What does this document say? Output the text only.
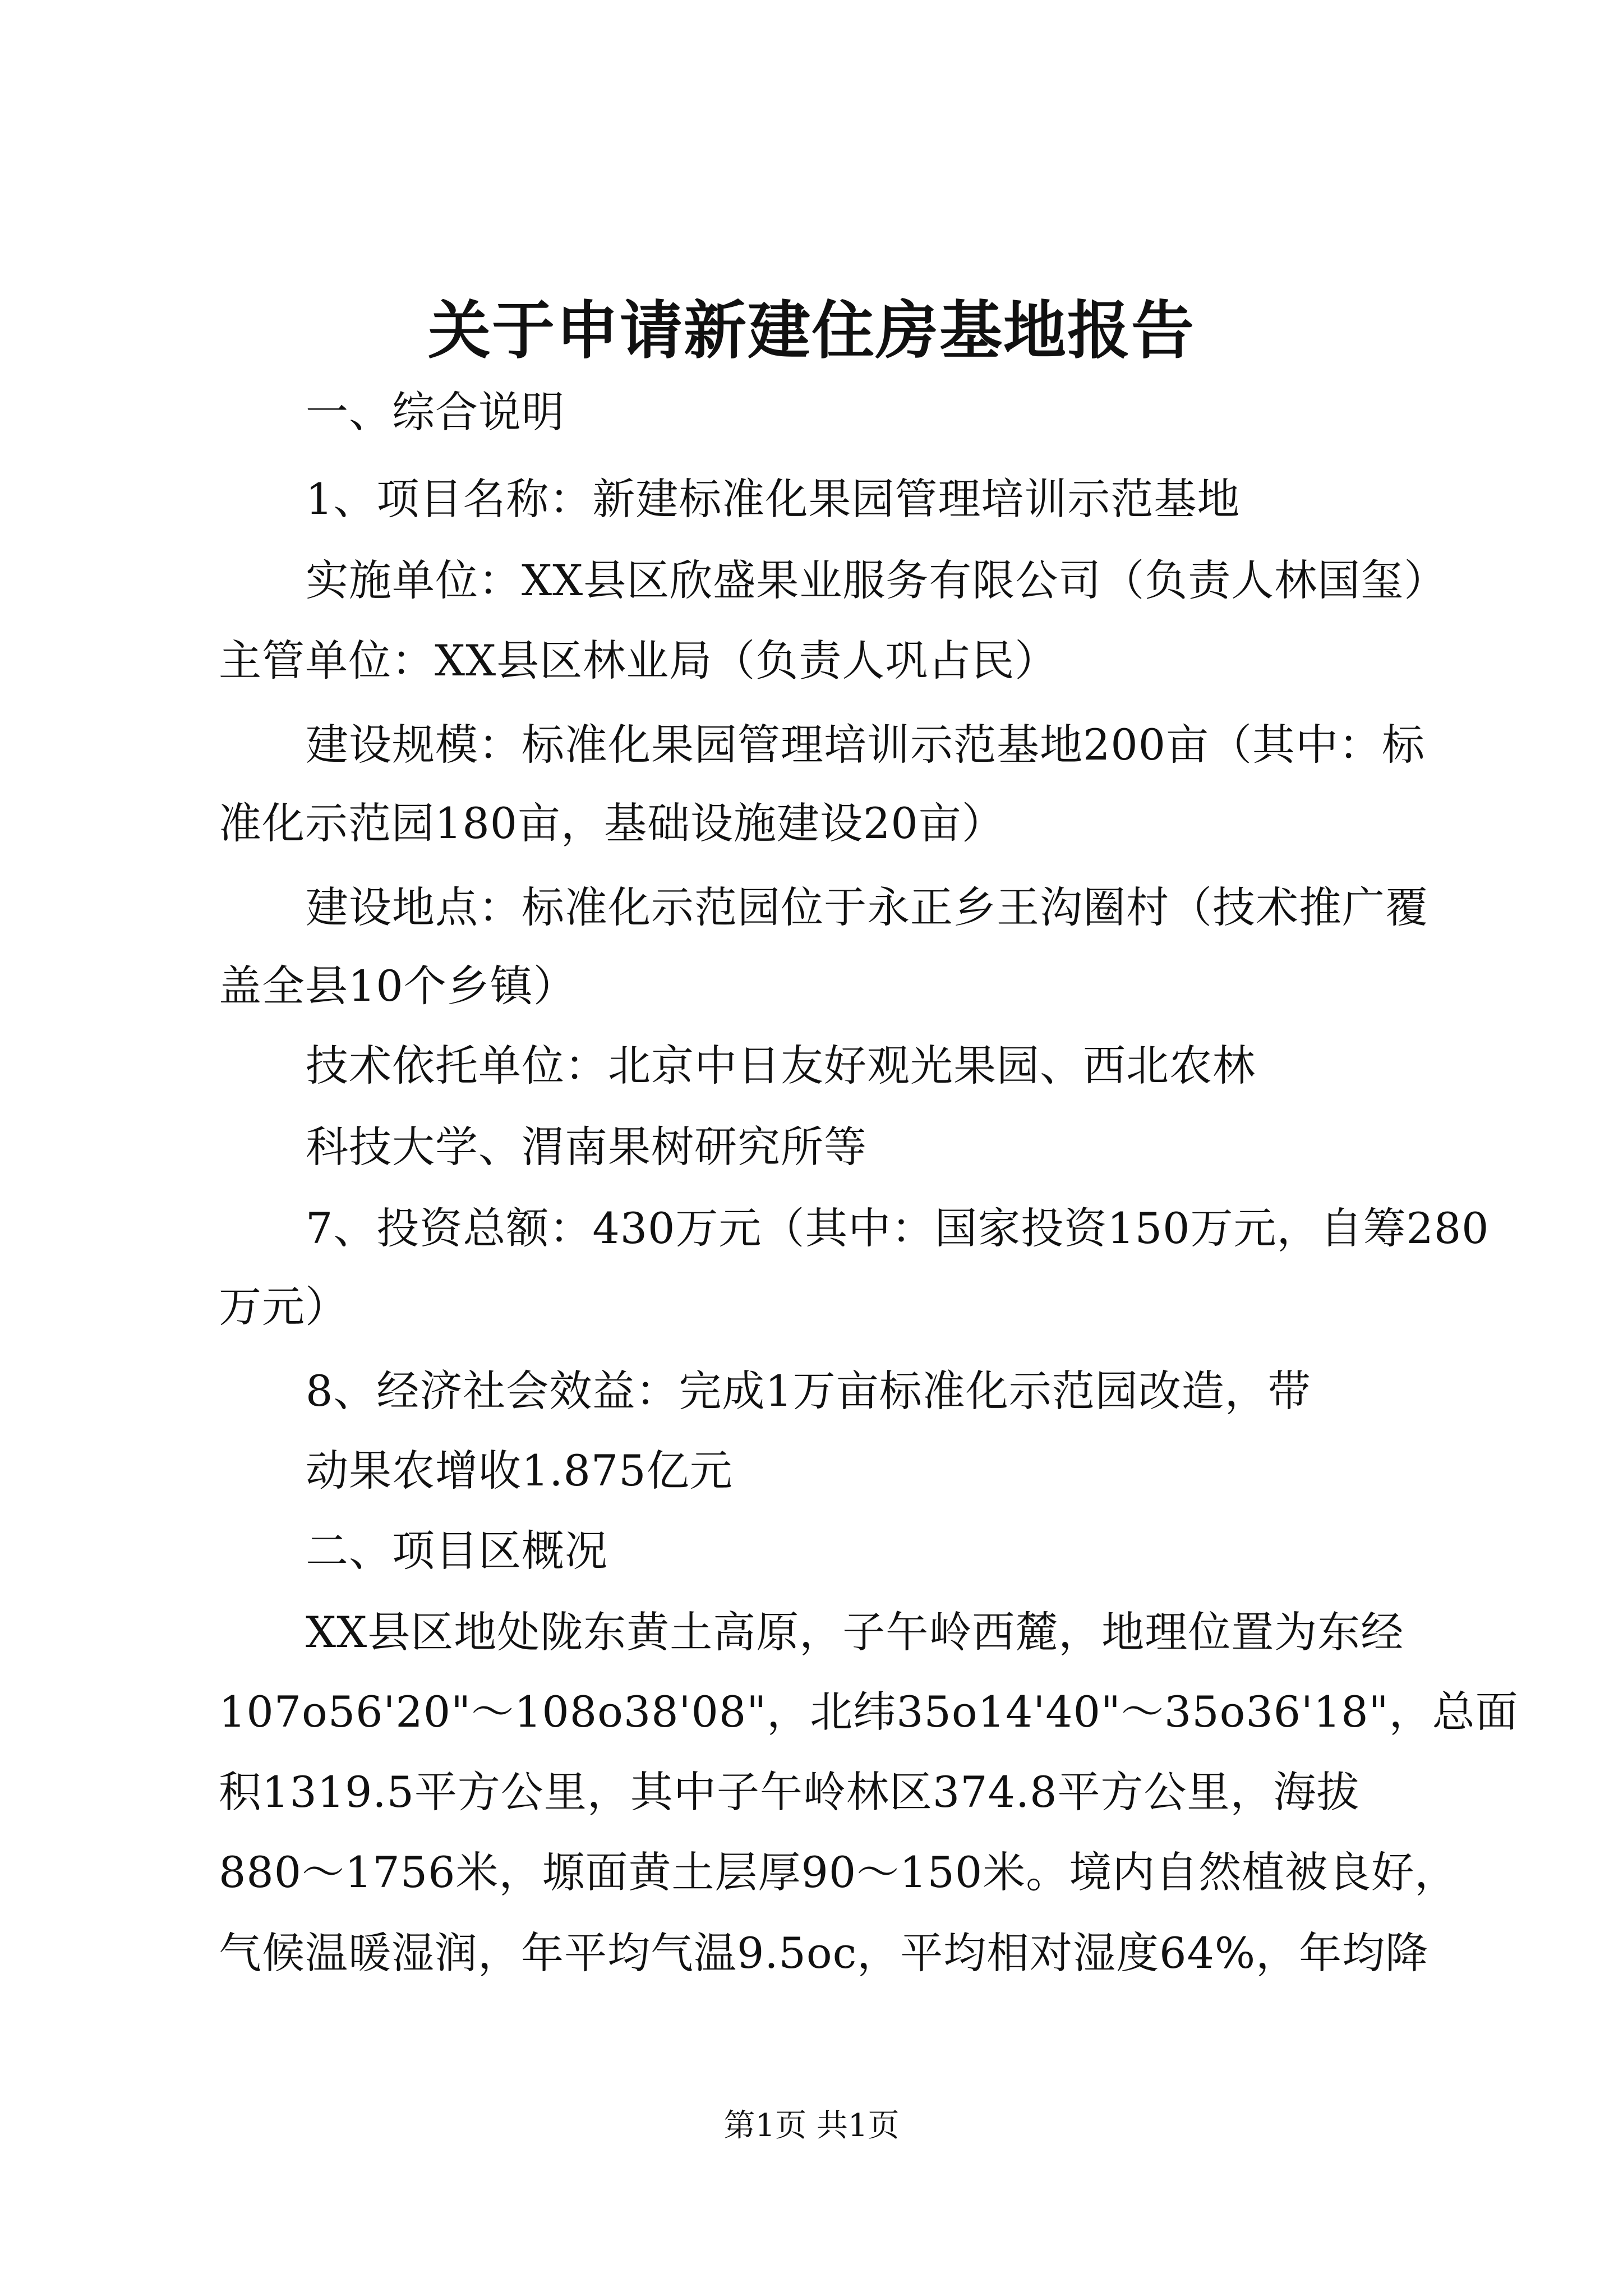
关于申请新建住房基地报告
一、综合说明
1、项目名称：新建标准化果园管理培训示范基地
实施单位：XX县区欣盛果业服务有限公司（负责人林国玺）
主管单位：XX县区林业局（负责人巩占民）
建设规模：标准化果园管理培训示范基地200亩（其中：标
准化示范园180亩，基础设施建设20亩）
建设地点：标准化示范园位于永正乡王沟圈村（技术推广覆
盖全县10个乡镇）
技术依托单位：北京中日友好观光果园、西北农林
科技大学、渭南果树研究所等
7、投资总额：430万元（其中：国家投资150万元，自筹280
万元）
8、经济社会效益：完成1万亩标准化示范园改造，带
动果农增收1.875亿元
二、项目区概况
XX县区地处陇东黄土高原，子午岭西麓，地理位置为东经
107o56'20"～108o38'08"，北纬35o14'40"～35o36'18"，总面
积1319.5平方公里，其中子午岭林区374.8平方公里，海拔
880～1756米，塬面黄土层厚90～150米。境内自然植被良好，
气候温暖湿润，年平均气温9.5oc，平均相对湿度64%，年均降
第1页 共1页
